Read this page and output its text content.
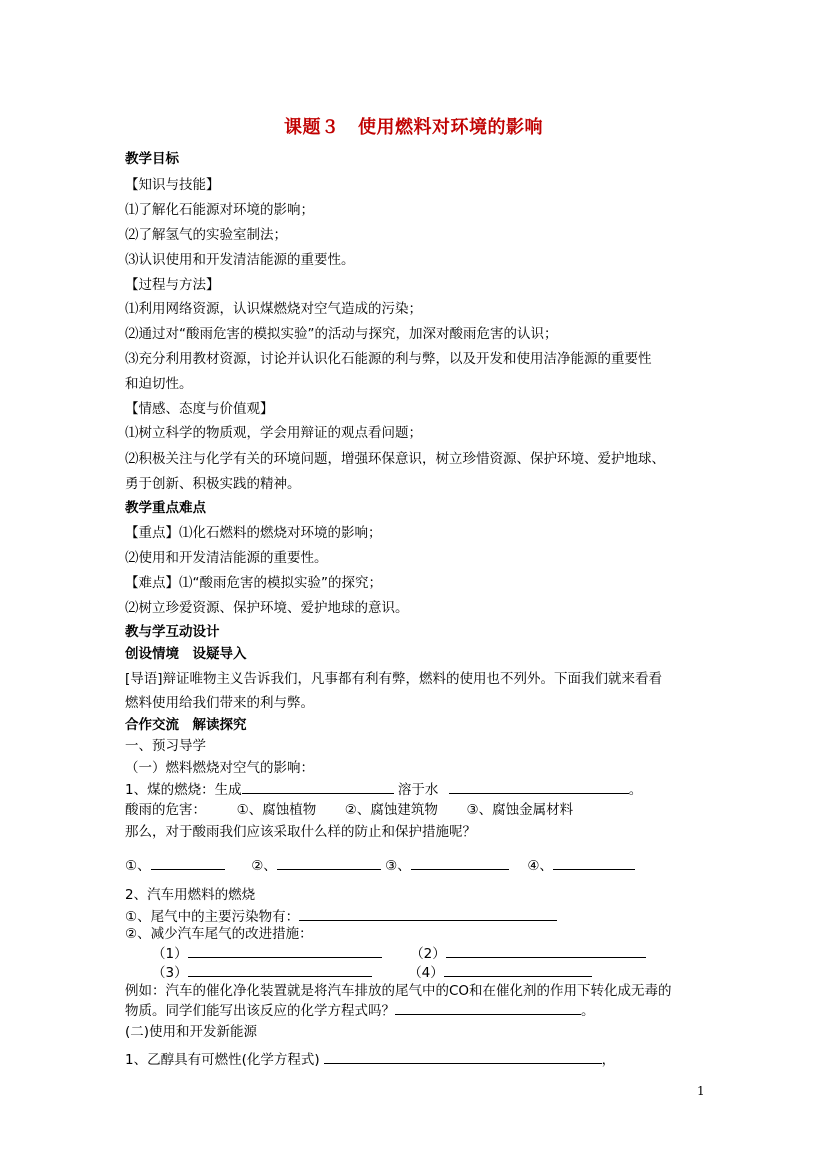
课题３　使用燃料对环境的影响
教学目标
【知识与技能】
⑴了解化石能源对环境的影响；
⑵了解氢气的实验室制法；
⑶认识使用和开发清洁能源的重要性。
【过程与方法】
⑴利用网络资源，认识煤燃烧对空气造成的污染；
⑵通过对“酸雨危害的模拟实验”的活动与探究，加深对酸雨危害的认识；
⑶充分利用教材资源，讨论并认识化石能源的利与弊，以及开发和使用洁净能源的重要性
和迫切性。
【情感、态度与价值观】
⑴树立科学的物质观，学会用辩证的观点看问题；
⑵积极关注与化学有关的环境问题，增强环保意识，树立珍惜资源、保护环境、爱护地球、
勇于创新、积极实践的精神。
教学重点难点
【重点】⑴化石燃料的燃烧对环境的影响；
⑵使用和开发清洁能源的重要性。
【难点】⑴“酸雨危害的模拟实验”的探究；
⑵树立珍爱资源、保护环境、爱护地球的意识。
教与学互动设计
创设情境　设疑导入
[导语]辩证唯物主义告诉我们，凡事都有利有弊，燃料的使用也不列外。下面我们就来看看
燃料使用给我们带来的利与弊。
合作交流　解读探究
一、预习导学
（一）燃料燃烧对空气的影响：
1、煤的燃烧：生成	溶于水	。
酸雨的危害： ①、腐蚀植物 ②、腐蚀建筑物 ③、腐蚀金属材料
那么，对于酸雨我们应该采取什么样的防止和保护措施呢？
①、	②、	③、	④、
2、汽车用燃料的燃烧
①、尾气中的主要污染物有：
②、减少汽车尾气的改进措施：
（1）	（2）
（3）	（4）
例如：汽车的催化净化装置就是将汽车排放的尾气中的CO和在催化剂的作用下转化成无毒的
物质。同学们能写出该反应的化学方程式吗？	。
(二)使用和开发新能源
1、乙醇具有可燃性(化学方程式)	，
1
